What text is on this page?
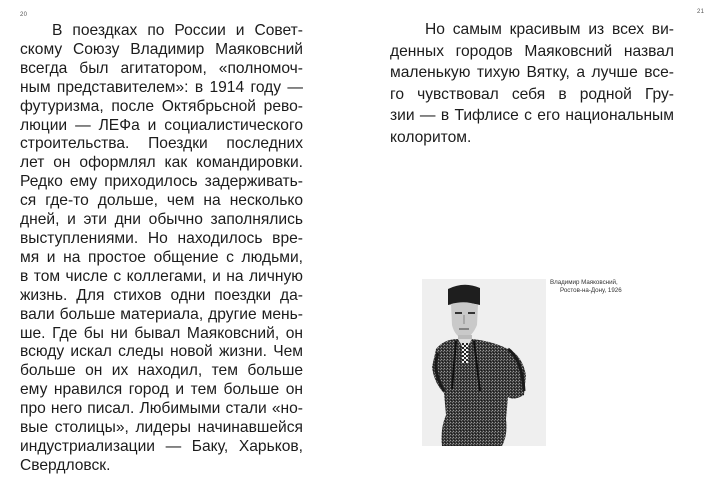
20
В поездках по России и Совет-
скому Союзу Владимир Маяковсний
всегда был агитатором, «полномоч-
ным представителем»: в 1914 году —
футуризма, после Октябрьсной рево-
люции — ЛЕФа и социалистического
строительства. Поездки последних
лет он оформлял как командировки.
Редко ему приходилось задерживать-
ся где-то дольше, чем на несколько
дней, и эти дни обычно заполнялись
выступлениями. Но находилось вре-
мя и на простое общение с людьми,
в том числе с коллегами, и на личную
жизнь. Для стихов одни поездки да-
вали больше материала, другие мень-
ше. Где бы ни бывал Маяковсний, он
всюду искал следы новой жизни. Чем
больше он их находил, тем больше
ему нравился город и тем больше он
про него писал. Любимыми стали «но-
вые столицы», лидеры начинавшейся
индустриализации — Баку, Харьков,
Свердловск.
21
Но самым красивым из всех ви-
денных городов Маяковсний назвал
маленькую тихую Вятку, а лучше все-
го чувствовал себя в родной Гру-
зии — в Тифлисе с его национальным
колоритом.
Владимир Маяковсний,
Ростов-на-Дону, 1926
